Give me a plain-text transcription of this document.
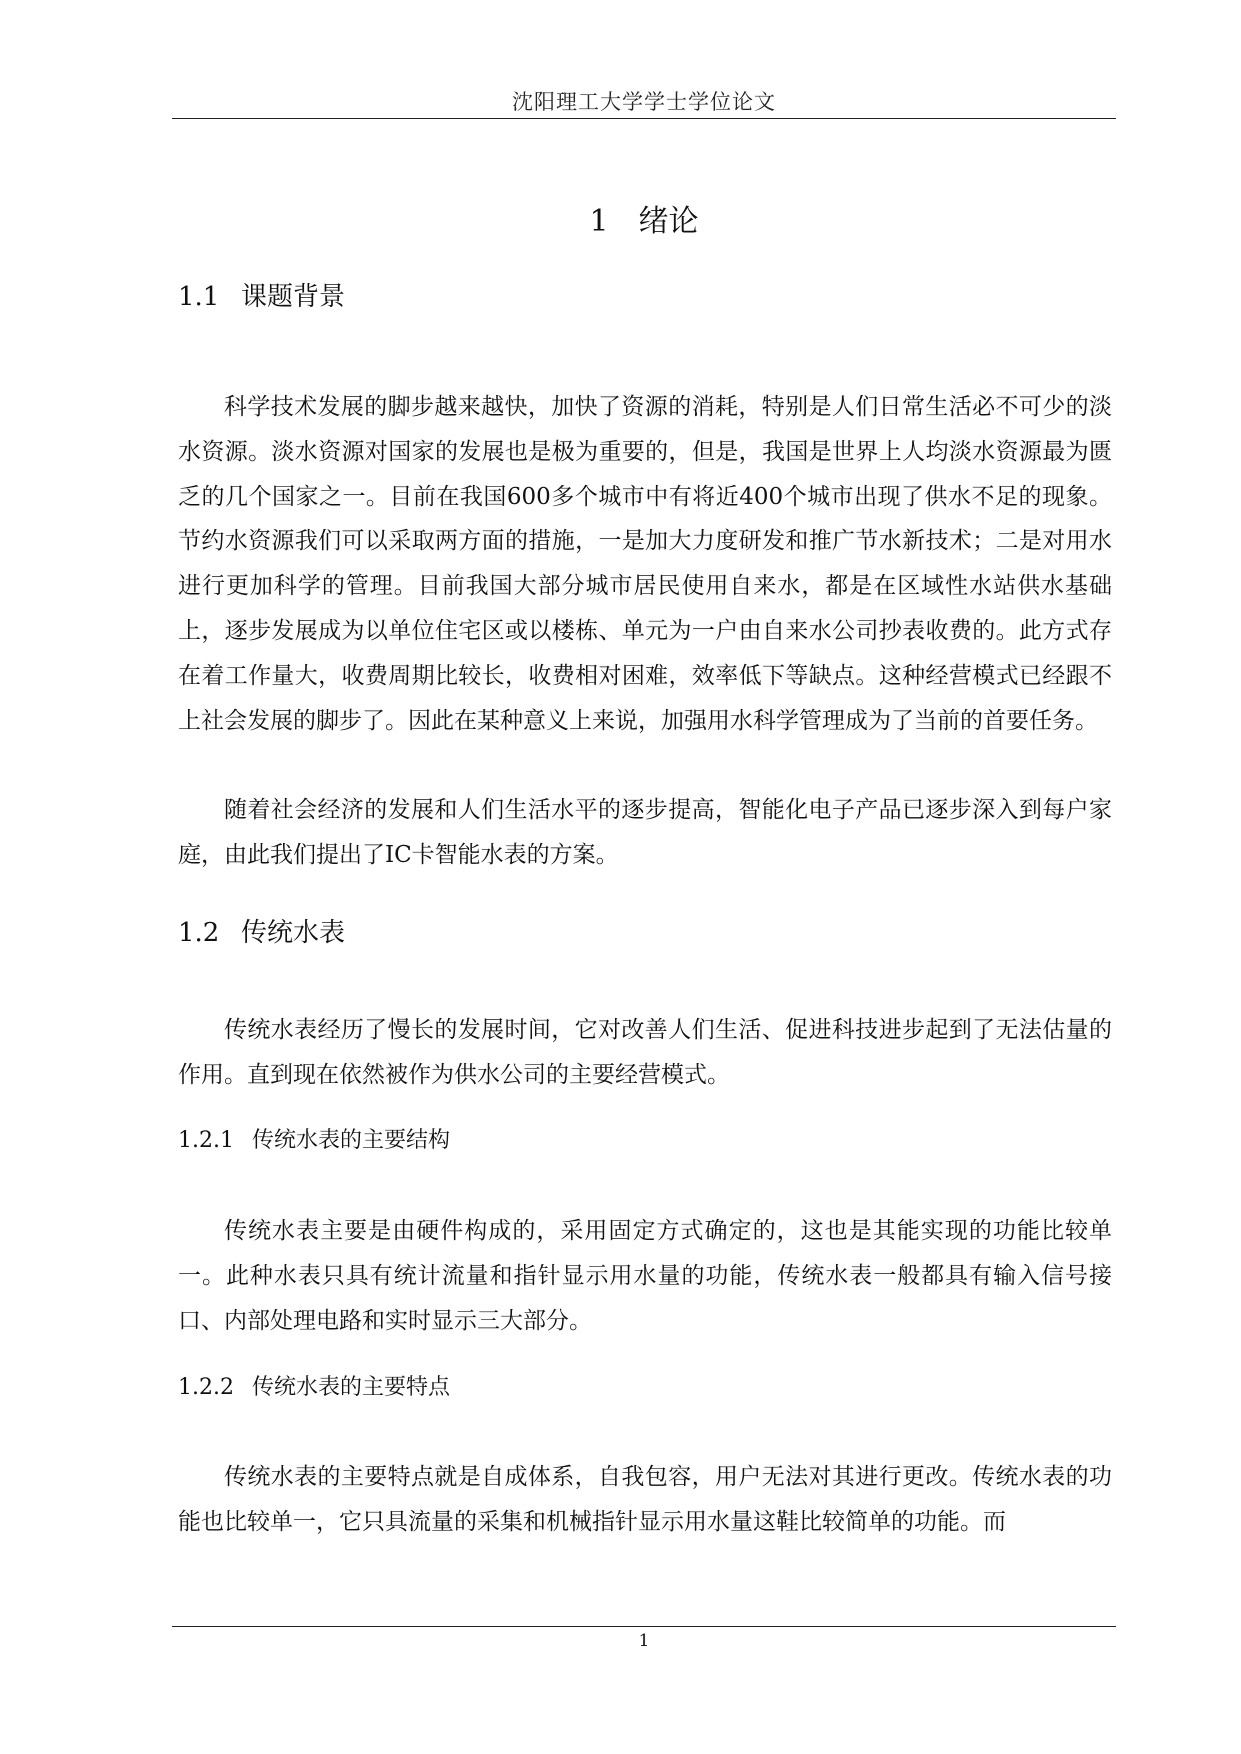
沈阳理工大学学士学位论文
1 绪论
1.1 课题背景

科学技术发展的脚步越来越快，加快了资源的消耗，特别是人们日常生活必不可少的淡水资源。淡水资源对国家的发展也是极为重要的，但是，我国是世界上人均淡水资源最为匮乏的几个国家之一。目前在我国600多个城市中有将近400个城市出现了供水不足的现象。节约水资源我们可以采取两方面的措施，一是加大力度研发和推广节水新技术；二是对用水进行更加科学的管理。目前我国大部分城市居民使用自来水，都是在区域性水站供水基础上，逐步发展成为以单位住宅区或以楼栋、单元为一户由自来水公司抄表收费的。此方式存在着工作量大，收费周期比较长，收费相对困难，效率低下等缺点。这种经营模式已经跟不上社会发展的脚步了。因此在某种意义上来说，加强用水科学管理成为了当前的首要任务。

随着社会经济的发展和人们生活水平的逐步提高，智能化电子产品已逐步深入到每户家庭，由此我们提出了IC卡智能水表的方案。

1.2 传统水表

传统水表经历了慢长的发展时间，它对改善人们生活、促进科技进步起到了无法估量的作用。直到现在依然被作为供水公司的主要经营模式。

1.2.1 传统水表的主要结构

传统水表主要是由硬件构成的，采用固定方式确定的，这也是其能实现的功能比较单一。此种水表只具有统计流量和指针显示用水量的功能，传统水表一般都具有输入信号接口、内部处理电路和实时显示三大部分。

1.2.2 传统水表的主要特点

传统水表的主要特点就是自成体系，自我包容，用户无法对其进行更改。传统水表的功能也比较单一，它只具流量的采集和机械指针显示用水量这鞋比较简单的功能。而

1
